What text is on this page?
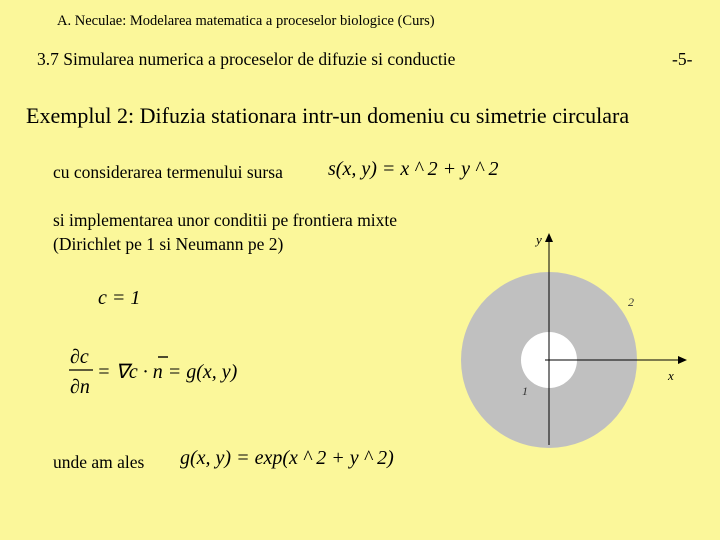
A. Neculae: Modelarea matematica a proceselor biologice (Curs)
3.7 Simularea numerica a proceselor de difuzie si conductie	-5-
Exemplul 2: Difuzia stationara intr-un domeniu cu simetrie circulara
cu considerarea termenului sursa s(x, y) = x ^ 2 + y ^ 2
si implementarea unor conditii pe frontiera mixte
(Dirichlet pe 1 si Neumann pe 2)
c = 1
∂c
∂n
= ∇c · n = g(x, y)
unde am ales g(x, y) = exp(x ^ 2 + y ^ 2)
y
x
1
2
